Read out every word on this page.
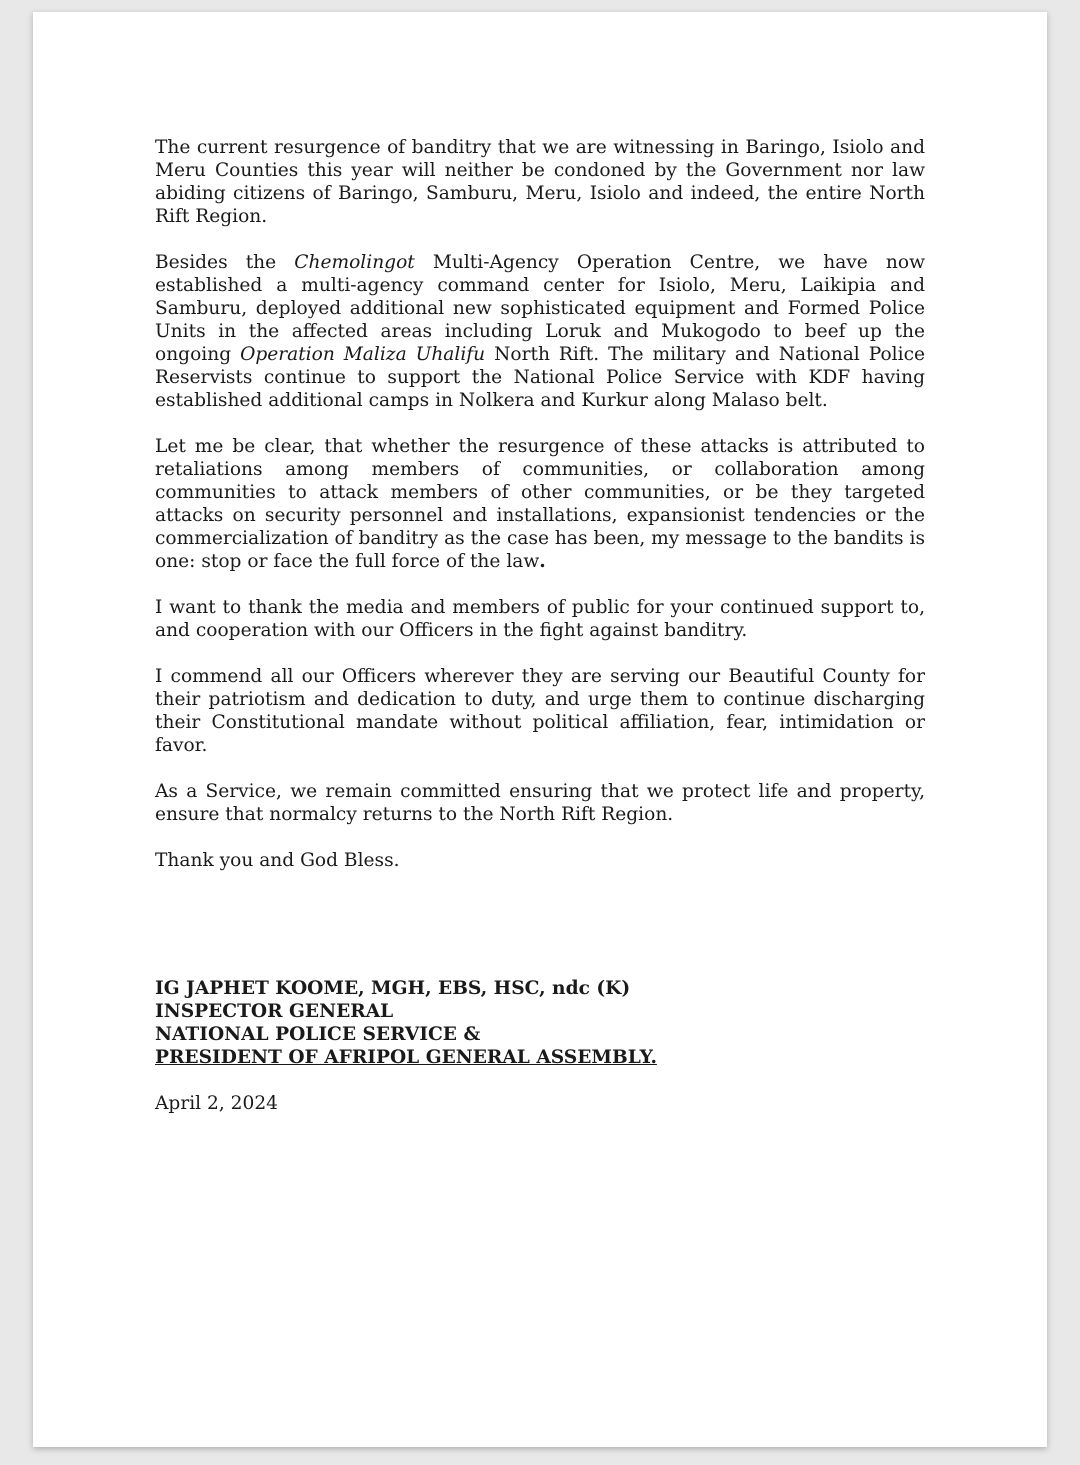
The current resurgence of banditry that we are witnessing in Baringo, Isiolo and Meru Counties this year will neither be condoned by the Government nor law abiding citizens of Baringo, Samburu, Meru, Isiolo and indeed, the entire North Rift Region.

Besides the Chemolingot Multi-Agency Operation Centre, we have now established a multi-agency command center for Isiolo, Meru, Laikipia and Samburu, deployed additional new sophisticated equipment and Formed Police Units in the affected areas including Loruk and Mukogodo to beef up the ongoing Operation Maliza Uhalifu North Rift. The military and National Police Reservists continue to support the National Police Service with KDF having established additional camps in Nolkera and Kurkur along Malaso belt.

Let me be clear, that whether the resurgence of these attacks is attributed to retaliations among members of communities, or collaboration among communities to attack members of other communities, or be they targeted attacks on security personnel and installations, expansionist tendencies or the commercialization of banditry as the case has been, my message to the bandits is one: stop or face the full force of the law.

I want to thank the media and members of public for your continued support to, and cooperation with our Officers in the fight against banditry.

I commend all our Officers wherever they are serving our Beautiful County for their patriotism and dedication to duty, and urge them to continue discharging their Constitutional mandate without political affiliation, fear, intimidation or favor.

As a Service, we remain committed ensuring that we protect life and property, ensure that normalcy returns to the North Rift Region.

Thank you and God Bless.

IG JAPHET KOOME, MGH, EBS, HSC, ndc (K)
INSPECTOR GENERAL
NATIONAL POLICE SERVICE &
PRESIDENT OF AFRIPOL GENERAL ASSEMBLY.
April 2, 2024
